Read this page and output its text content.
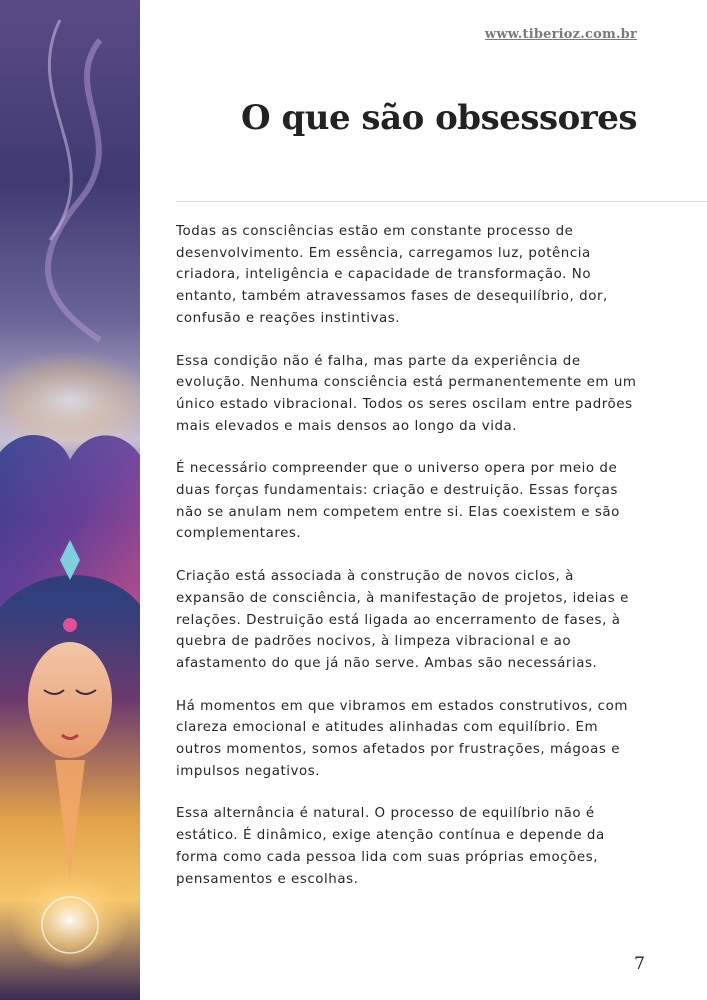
www.tiberioz.com.br
O que são obsessores

Todas as consciências estão em constante processo de desenvolvimento. Em essência, carregamos luz, potência criadora, inteligência e capacidade de transformação. No entanto, também atravessamos fases de desequilíbrio, dor, confusão e reações instintivas.

Essa condição não é falha, mas parte da experiência de evolução. Nenhuma consciência está permanentemente em um único estado vibracional. Todos os seres oscilam entre padrões mais elevados e mais densos ao longo da vida.

É necessário compreender que o universo opera por meio de duas forças fundamentais: criação e destruição. Essas forças não se anulam nem competem entre si. Elas coexistem e são complementares.

Criação está associada à construção de novos ciclos, à expansão de consciência, à manifestação de projetos, ideias e relações. Destruição está ligada ao encerramento de fases, à quebra de padrões nocivos, à limpeza vibracional e ao afastamento do que já não serve. Ambas são necessárias.

Há momentos em que vibramos em estados construtivos, com clareza emocional e atitudes alinhadas com equilíbrio. Em outros momentos, somos afetados por frustrações, mágoas e impulsos negativos.

Essa alternância é natural. O processo de equilíbrio não é estático. É dinâmico, exige atenção contínua e depende da forma como cada pessoa lida com suas próprias emoções, pensamentos e escolhas.

7
